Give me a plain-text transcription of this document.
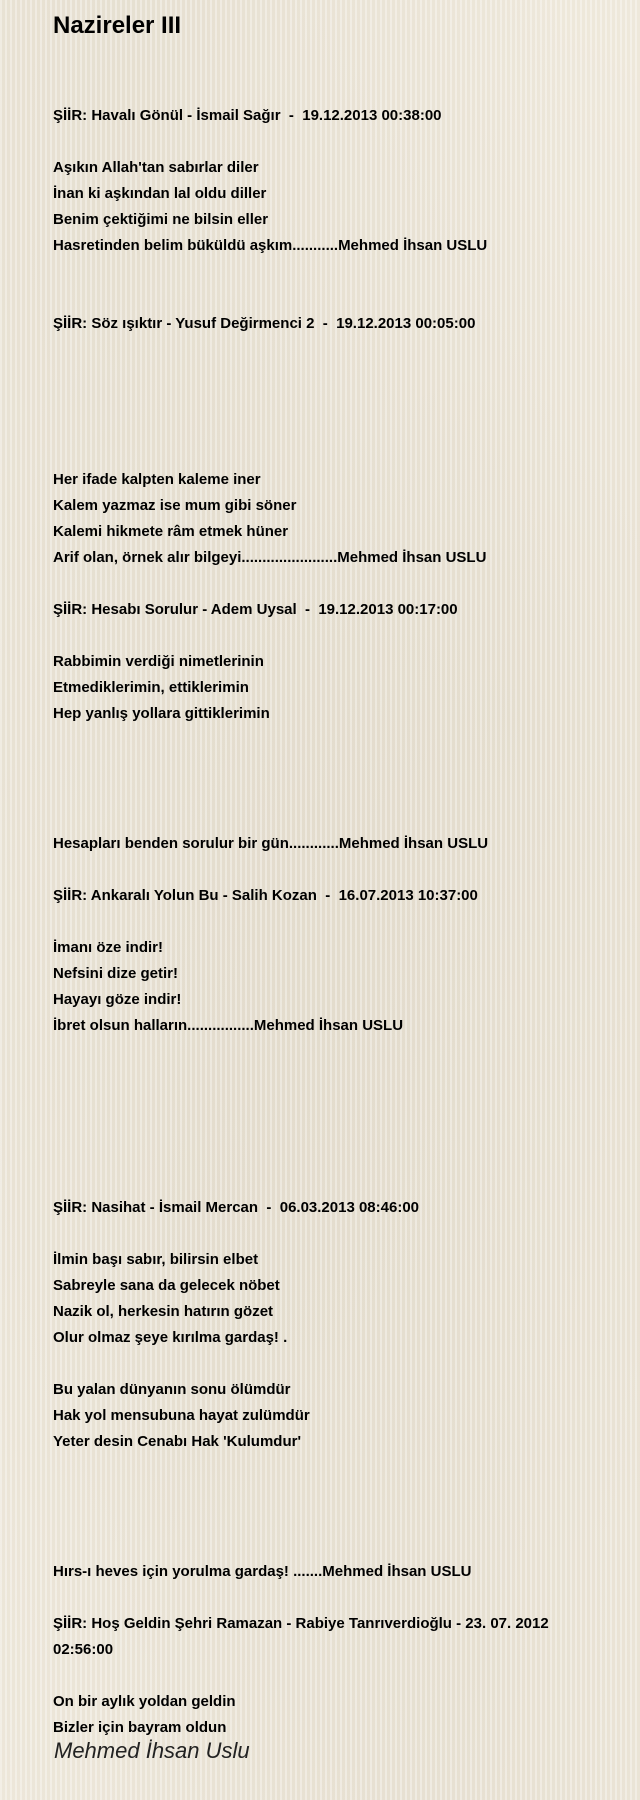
Nazireler III
ŞİİR: Havalı Gönül - İsmail Sağır  -  19.12.2013 00:38:00
Aşıkın Allah'tan sabırlar diler
İnan ki aşkından lal oldu diller
Benim çektiğimi ne bilsin eller
Hasretinden belim büküldü aşkım...........Mehmed İhsan USLU
ŞİİR: Söz ışıktır - Yusuf Değirmenci 2  -  19.12.2013 00:05:00
Her ifade kalpten kaleme iner
Kalem yazmaz ise mum gibi söner
Kalemi hikmete râm etmek hüner
Arif olan, örnek alır bilgeyi.......................Mehmed İhsan USLU
ŞİİR: Hesabı Sorulur - Adem Uysal  -  19.12.2013 00:17:00
Rabbimin verdiği nimetlerinin
Etmediklerimin, ettiklerimin
Hep yanlış yollara gittiklerimin
Hesapları benden sorulur bir gün............Mehmed İhsan USLU
ŞİİR: Ankaralı Yolun Bu - Salih Kozan  -  16.07.2013 10:37:00
İmanı öze indir!
Nefsini dize getir!
Hayayı göze indir!
İbret olsun halların................Mehmed İhsan USLU
ŞİİR: Nasihat - İsmail Mercan  -  06.03.2013 08:46:00
İlmin başı sabır, bilirsin elbet
Sabreyle sana da gelecek nöbet
Nazik ol, herkesin hatırın gözet
Olur olmaz şeye kırılma gardaş! .
Bu yalan dünyanın sonu ölümdür
Hak yol mensubuna hayat zulümdür
Yeter desin Cenabı Hak 'Kulumdur'
Hırs-ı heves için yorulma gardaş! .......Mehmed İhsan USLU
ŞİİR: Hoş Geldin Şehri Ramazan - Rabiye Tanrıverdioğlu - 23. 07. 2012
02:56:00
On bir aylık yoldan geldin
Bizler için bayram oldun
Mehmed İhsan Uslu
